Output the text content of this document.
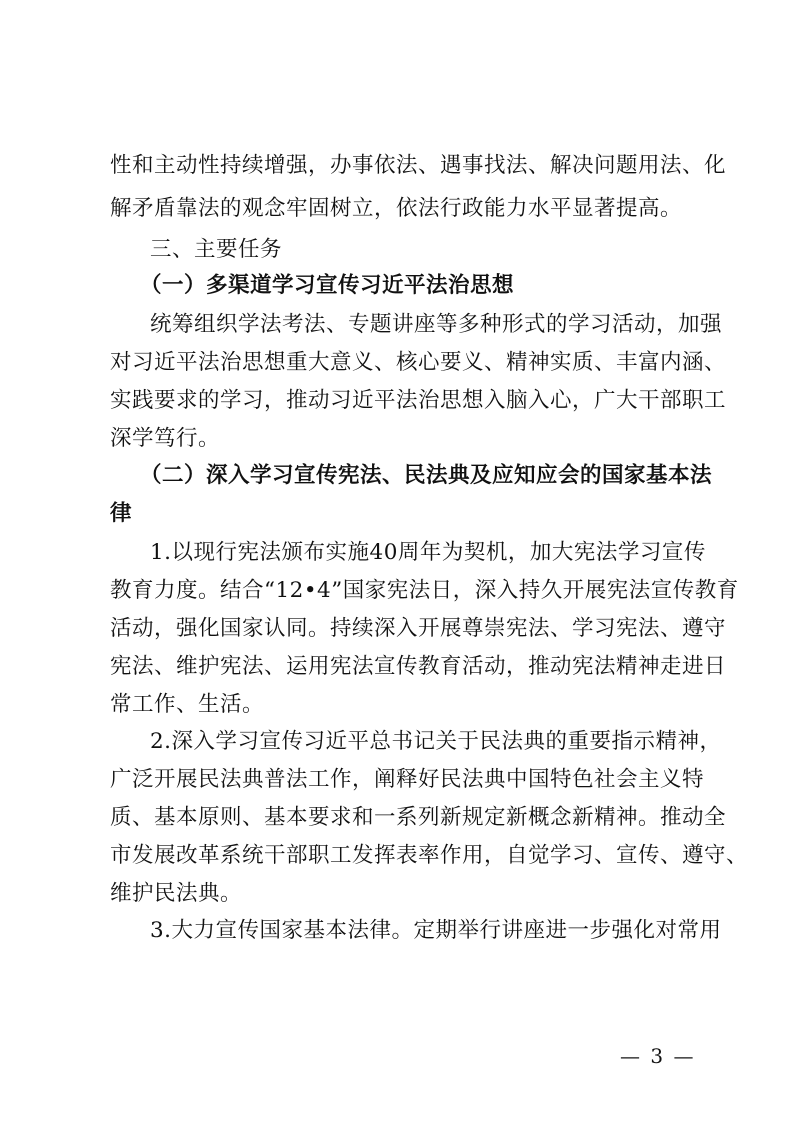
性和主动性持续增强，办事依法、遇事找法、解决问题用法、化
解矛盾靠法的观念牢固树立，依法行政能力水平显著提高。
三、主要任务
（一）多渠道学习宣传习近平法治思想
统筹组织学法考法、专题讲座等多种形式的学习活动，加强
对习近平法治思想重大意义、核心要义、精神实质、丰富内涵、
实践要求的学习，推动习近平法治思想入脑入心，广大干部职工
深学笃行。
（二）深入学习宣传宪法、民法典及应知应会的国家基本法
律
1.以现行宪法颁布实施40周年为契机，加大宪法学习宣传
教育力度。结合“12•4”国家宪法日，深入持久开展宪法宣传教育
活动，强化国家认同。持续深入开展尊崇宪法、学习宪法、遵守
宪法、维护宪法、运用宪法宣传教育活动，推动宪法精神走进日
常工作、生活。
2.深入学习宣传习近平总书记关于民法典的重要指示精神，
广泛开展民法典普法工作，阐释好民法典中国特色社会主义特
质、基本原则、基本要求和一系列新规定新概念新精神。推动全
市发展改革系统干部职工发挥表率作用，自觉学习、宣传、遵守、
维护民法典。
3.大力宣传国家基本法律。定期举行讲座进一步强化对常用
— 3 —
